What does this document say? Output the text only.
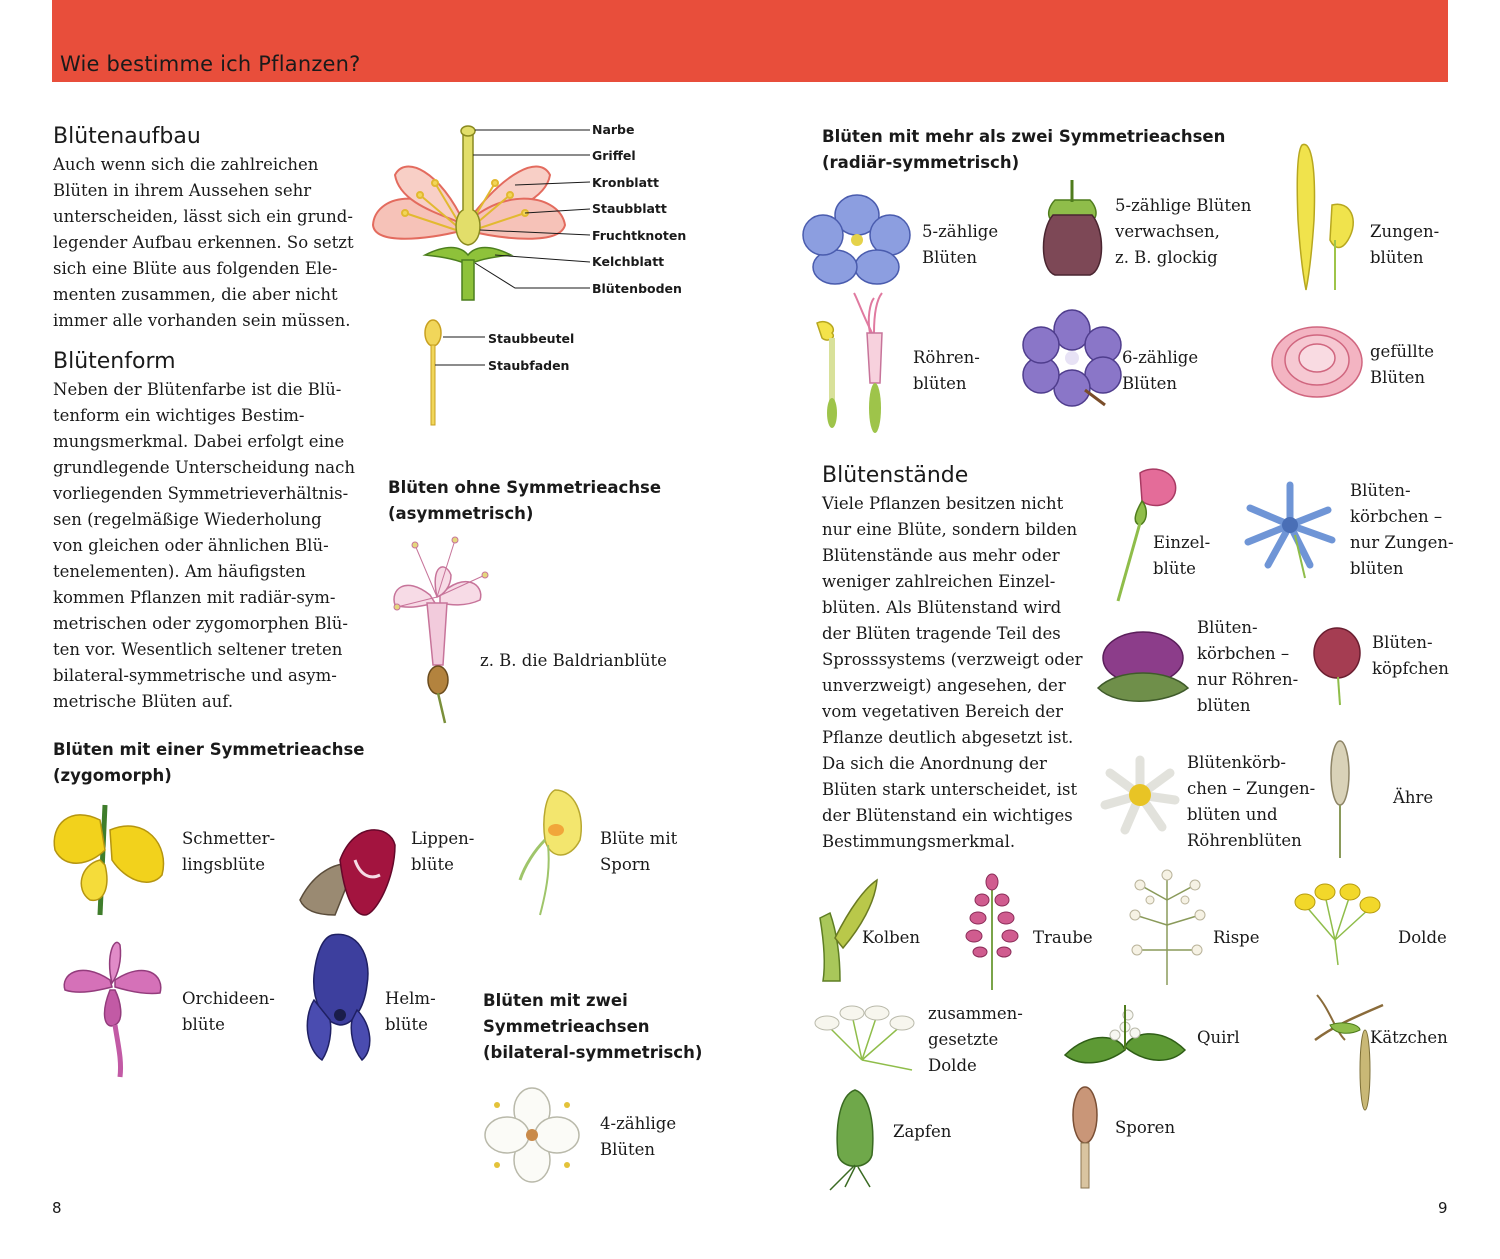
Wie bestimme ich Pflanzen?
Blütenaufbau
Auch wenn sich die zahlreichen
Blüten in ihrem Aussehen sehr
unterscheiden, lässt sich ein grund-
legender Aufbau erkennen. So setzt
sich eine Blüte aus folgenden Ele-
menten zusammen, die aber nicht
immer alle vorhanden sein müssen.
Blütenform
Neben der Blütenfarbe ist die Blü-
tenform ein wichtiges Bestim-
mungsmerkmal. Dabei erfolgt eine
grundlegende Unterscheidung nach
vorliegenden Symmetrieverhältnis-
sen (regelmäßige Wiederholung
von gleichen oder ähnlichen Blü-
tenelementen). Am häufigsten
kommen Pflanzen mit radiär-sym-
metrischen oder zygomorphen Blü-
ten vor. Wesentlich seltener treten
bilateral-symmetrische und asym-
metrische Blüten auf.
Narbe
Griffel
Kronblatt
Staubblatt
Fruchtknoten
Kelchblatt
Blütenboden
Staubbeutel
Staubfaden
Blüten ohne Symmetrieachse
(asymmetrisch)
z. B. die Baldrianblüte
Blüten mit einer Symmetrieachse
(zygomorph)
Schmetter-
lingsblüte
Lippen-
blüte
Blüte mit
Sporn
Orchideen-
blüte
Helm-
blüte
Blüten mit zwei
Symmetrieachsen
(bilateral-symmetrisch)
4-zählige
Blüten
8
Blüten mit mehr als zwei Symmetrieachsen
(radiär-symmetrisch)
5-zählige
Blüten
5-zählige Blüten
verwachsen,
z. B. glockig
Zungen-
blüten
Röhren-
blüten
6-zählige
Blüten
gefüllte
Blüten
Blütenstände
Viele Pflanzen besitzen nicht
nur eine Blüte, sondern bilden
Blütenstände aus mehr oder
weniger zahlreichen Einzel-
blüten. Als Blütenstand wird
der Blüten tragende Teil des
Sprosssystems (verzweigt oder
unverzweigt) angesehen, der
vom vegetativen Bereich der
Pflanze deutlich abgesetzt ist.
Da sich die Anordnung der
Blüten stark unterscheidet, ist
der Blütenstand ein wichtiges
Bestimmungsmerkmal.
Einzel-
blüte
Blüten-
körbchen –
nur Zungen-
blüten
Blüten-
körbchen –
nur Röhren-
blüten
Blüten-
köpfchen
Blütenkörb-
chen – Zungen-
blüten und
Röhrenblüten
Ähre
Kolben	Traube	Rispe	Dolde
zusammen-
gesetzte
Dolde
Quirl	Kätzchen
Zapfen	Sporen
9
